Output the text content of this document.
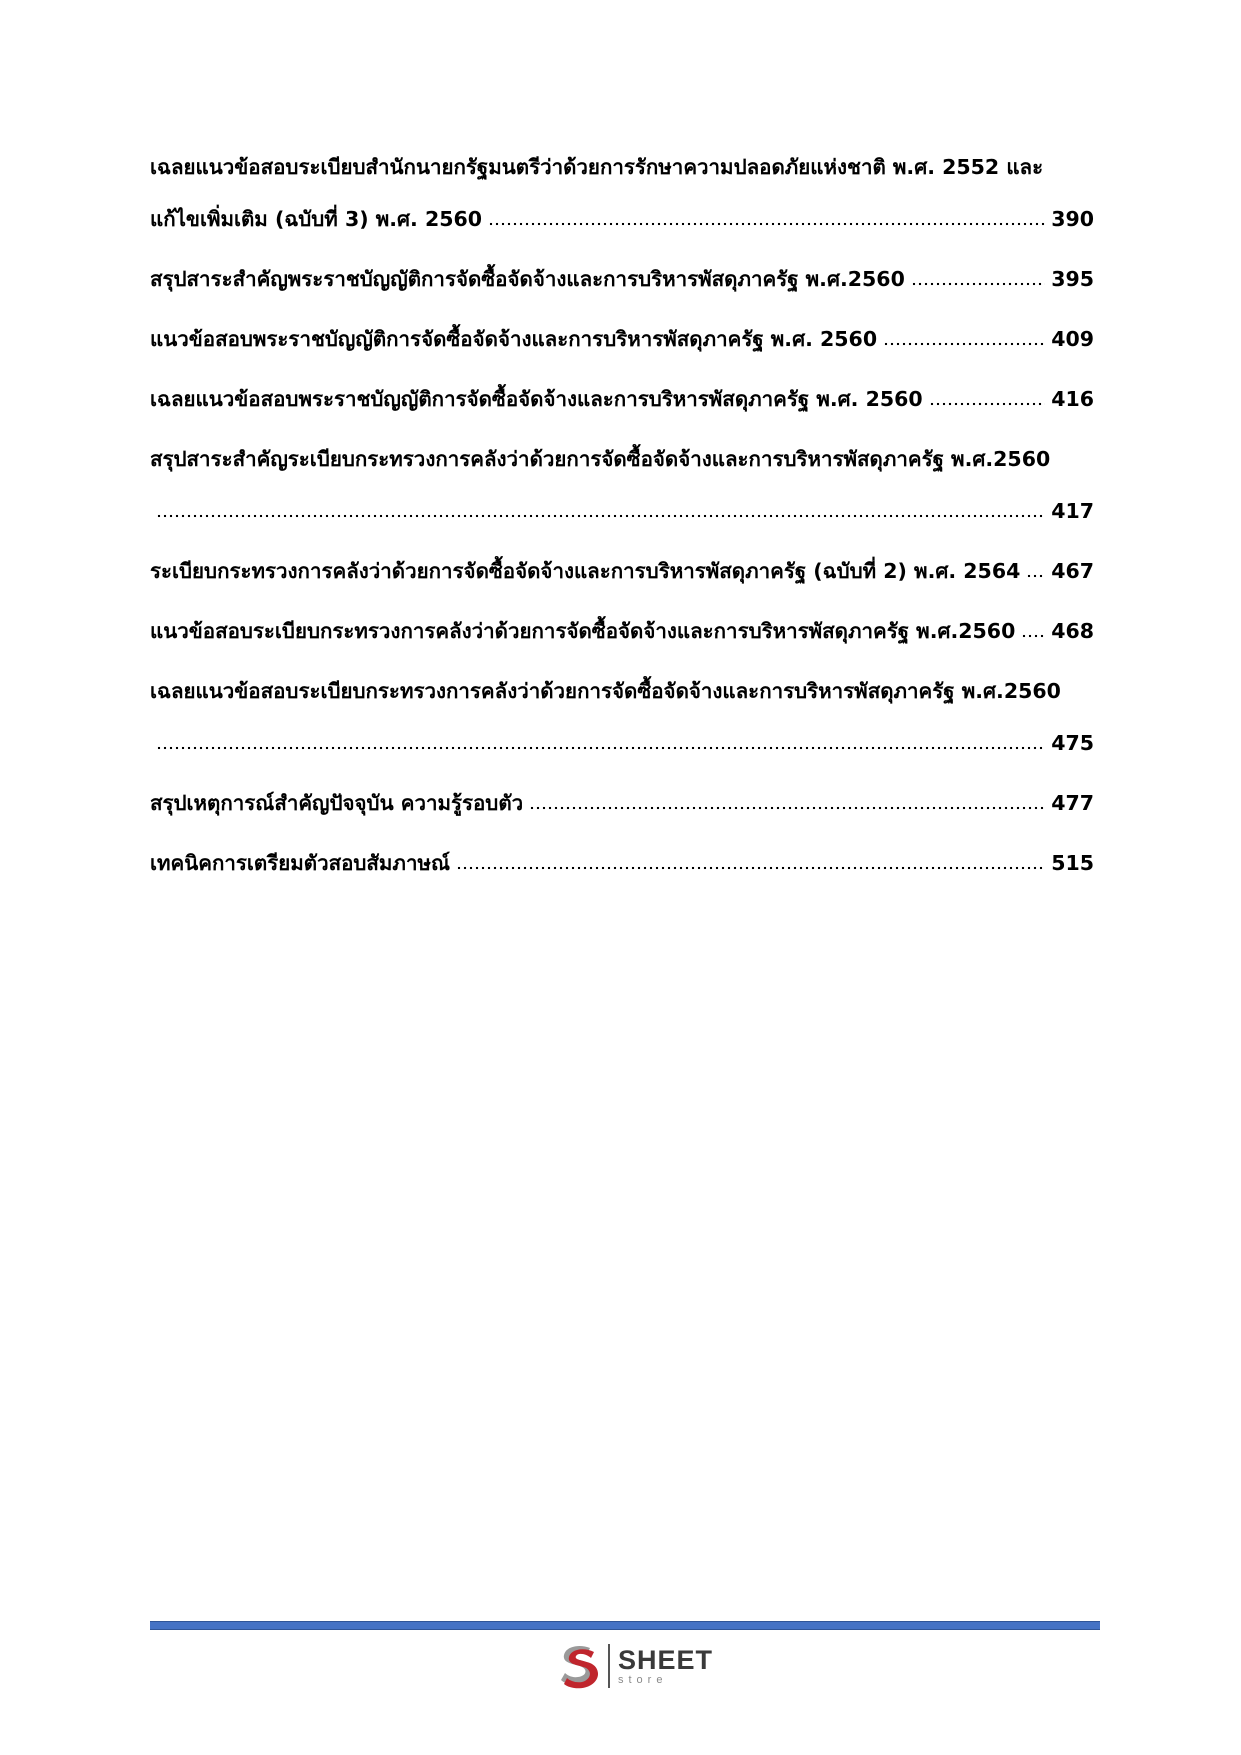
เฉลยแนวข้อสอบระเบียบสำนักนายกรัฐมนตรีว่าด้วยการรักษาความปลอดภัยแห่งชาติ พ.ศ. 2552 และ
แก้ไขเพิ่มเติม (ฉบับที่ 3) พ.ศ. 2560	390
สรุปสาระสำคัญพระราชบัญญัติการจัดซื้อจัดจ้างและการบริหารพัสดุภาครัฐ พ.ศ.2560	395
แนวข้อสอบพระราชบัญญัติการจัดซื้อจัดจ้างและการบริหารพัสดุภาครัฐ พ.ศ. 2560	409
เฉลยแนวข้อสอบพระราชบัญญัติการจัดซื้อจัดจ้างและการบริหารพัสดุภาครัฐ พ.ศ. 2560	416
สรุปสาระสำคัญระเบียบกระทรวงการคลังว่าด้วยการจัดซื้อจัดจ้างและการบริหารพัสดุภาครัฐ พ.ศ.2560
417
ระเบียบกระทรวงการคลังว่าด้วยการจัดซื้อจัดจ้างและการบริหารพัสดุภาครัฐ (ฉบับที่ 2) พ.ศ. 2564 467
แนวข้อสอบระเบียบกระทรวงการคลังว่าด้วยการจัดซื้อจัดจ้างและการบริหารพัสดุภาครัฐ พ.ศ.2560 468
เฉลยแนวข้อสอบระเบียบกระทรวงการคลังว่าด้วยการจัดซื้อจัดจ้างและการบริหารพัสดุภาครัฐ พ.ศ.2560
475
สรุปเหตุการณ์สำคัญปัจจุบัน ความรู้รอบตัว	477
เทคนิคการเตรียมตัวสอบสัมภาษณ์	515
SHEET
store
